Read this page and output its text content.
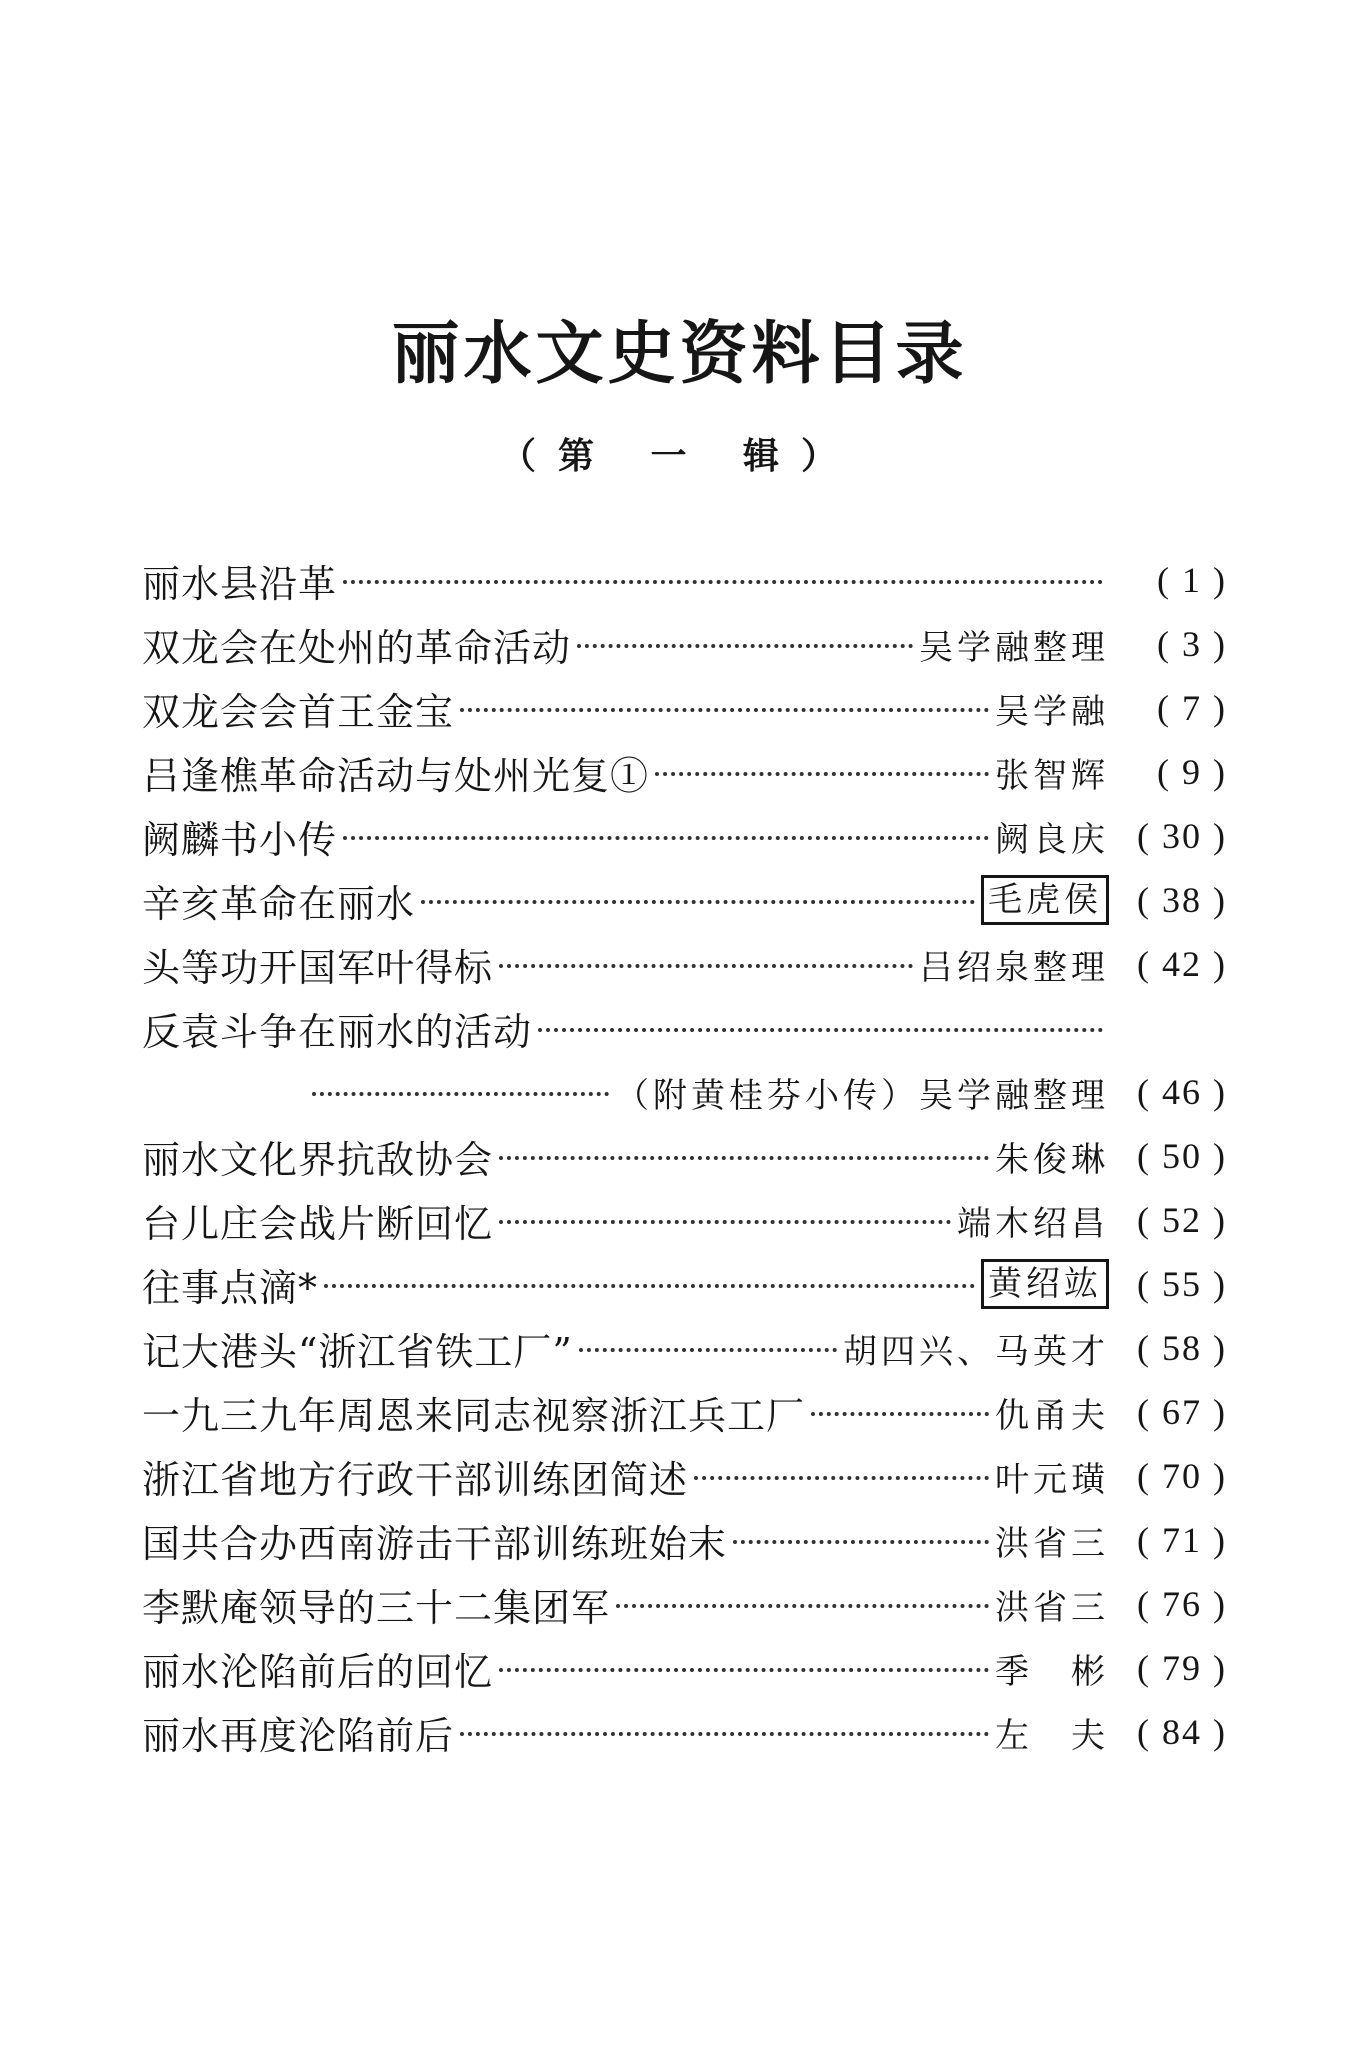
丽水文史资料目录
（第 一 辑）
丽水县沿革	( 1 )
双龙会在处州的革命活动	吴学融整理	( 3 )
双龙会会首王金宝	吴学融	( 7 )
吕逢樵革命活动与处州光复①	张智辉	( 9 )
阙麟书小传	阙良庆 ( 30 )
辛亥革命在丽水	毛虎侯 ( 38 )
头等功开国军叶得标	吕绍泉整理 ( 42 )
反袁斗争在丽水的活动
（附黄桂芬小传）吴学融整理 ( 46 )
丽水文化界抗敌协会	朱俊琳 ( 50 )
台儿庄会战片断回忆	端木绍昌 ( 52 )
往事点滴*	黄绍竑 ( 55 )
记大港头“浙江省铁工厂”	胡四兴、马英才 ( 58 )
一九三九年周恩来同志视察浙江兵工厂	仇甬夫 ( 67 )
浙江省地方行政干部训练团简述	叶元璜 ( 70 )
国共合办西南游击干部训练班始末	洪省三 ( 71 )
李默庵领导的三十二集团军	洪省三 ( 76 )
丽水沦陷前后的回忆	季　彬 ( 79 )
丽水再度沦陷前后	左　夫 ( 84 )
